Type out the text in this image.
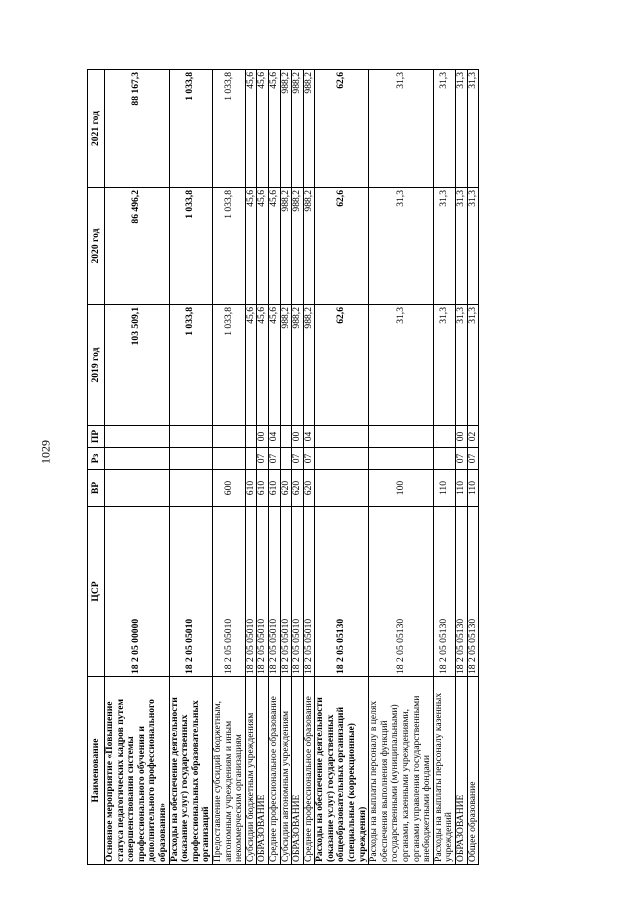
1029
Наименование	ЦСР	ВР	Рз	ПР	2019 год	2020 год	2021 год
Основное мероприятие «Повышение статуса педагогических кадров путем совершенствования системы профессионального обучения и дополнительного профессионального образования»	18 2 05 00000				103 509,1	86 496,2	88 167,3
Расходы на обеспечение деятельности (оказание услуг) государственных профессиональных образовательных организаций	18 2 05 05010				1 033,8	1 033,8	1 033,8
Предоставление субсидий бюджетным, автономным учреждениям и иным некоммерческим организациям	18 2 05 05010	600			1 033,8	1 033,8	1 033,8
Субсидии бюджетным учреждениям	18 2 05 05010	610			45,6	45,6	45,6
ОБРАЗОВАНИЕ	18 2 05 05010	610	07	00	45,6	45,6	45,6
Среднее профессиональное образование	18 2 05 05010	610	07	04	45,6	45,6	45,6
Субсидии автономным учреждениям	18 2 05 05010	620			988,2	988,2	988,2
ОБРАЗОВАНИЕ	18 2 05 05010	620	07	00	988,2	988,2	988,2
Среднее профессиональное образование	18 2 05 05010	620	07	04	988,2	988,2	988,2
Расходы на обеспечение деятельности (оказание услуг) государственных общеобразовательных организаций (специальные (коррекционные) учреждения)	18 2 05 05130				62,6	62,6	62,6
Расходы на выплаты персоналу в целях обеспечения выполнения функций государственными (муниципальными) органами, казенными учреждениями, органами управления государственными внебюджетными фондами	18 2 05 05130	100			31,3	31,3	31,3
Расходы на выплаты персоналу казенных учреждений	18 2 05 05130	110			31,3	31,3	31,3
ОБРАЗОВАНИЕ	18 2 05 05130	110	07	00	31,3	31,3	31,3
Общее образование	18 2 05 05130	110	07	02	31,3	31,3	31,3
